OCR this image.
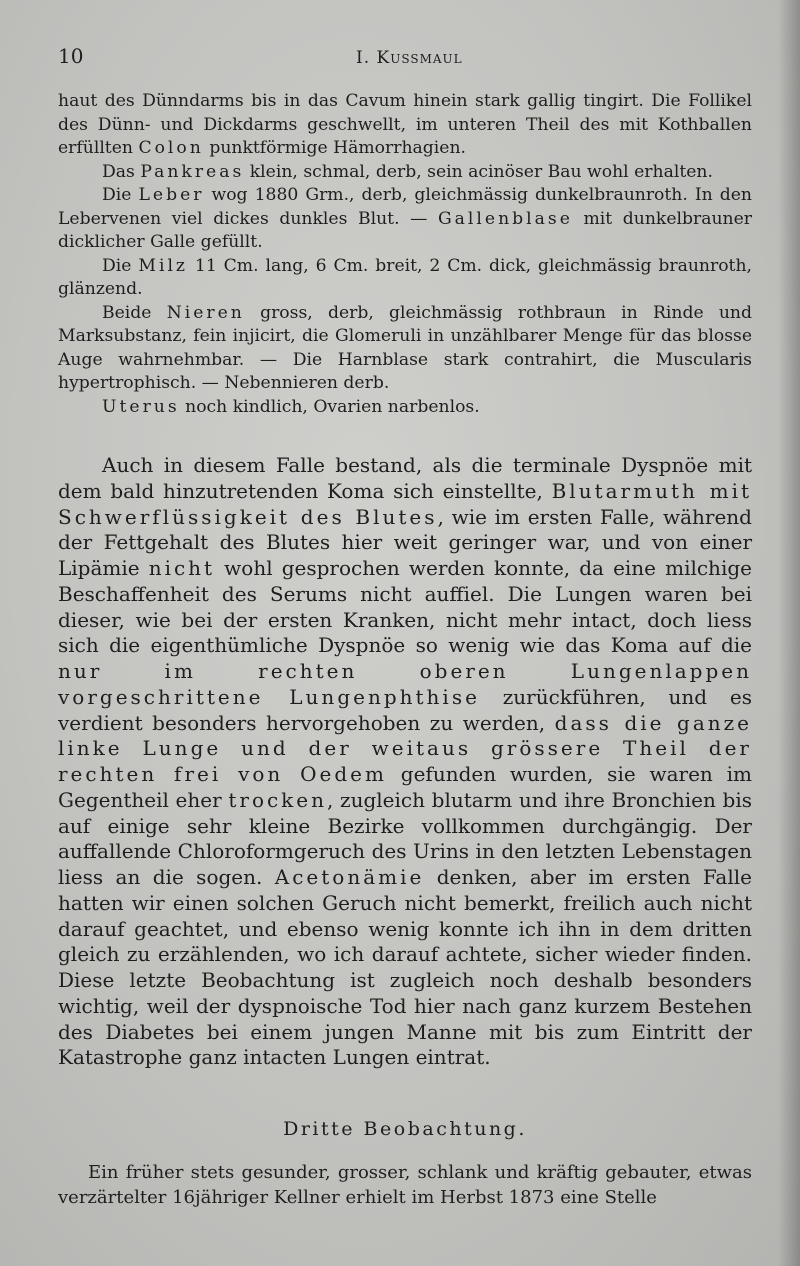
10	I. Kussmaul

haut des Dünndarms bis in das Cavum hinein stark gallig tingirt. Die Follikel des Dünn- und Dickdarms geschwellt, im unteren Theil des mit Kothballen erfüllten Colon punktförmige Hämorrhagien.

Das Pankreas klein, schmal, derb, sein acinöser Bau wohl erhalten.

Die Leber wog 1880 Grm., derb, gleichmässig dunkelbraunroth. In den Lebervenen viel dickes dunkles Blut. — Gallenblase mit dunkelbrauner dicklicher Galle gefüllt.

Die Milz 11 Cm. lang, 6 Cm. breit, 2 Cm. dick, gleichmässig braunroth, glänzend.

Beide Nieren gross, derb, gleichmässig rothbraun in Rinde und Marksubstanz, fein injicirt, die Glomeruli in unzählbarer Menge für das blosse Auge wahrnehmbar. — Die Harnblase stark contrahirt, die Muscularis hypertrophisch. — Nebennieren derb.

Uterus noch kindlich, Ovarien narbenlos.

Auch in diesem Falle bestand, als die terminale Dyspnöe mit dem bald hinzutretenden Koma sich einstellte, Blutarmuth mit Schwerflüssigkeit des Blutes, wie im ersten Falle, während der Fettgehalt des Blutes hier weit geringer war, und von einer Lipämie nicht wohl gesprochen werden konnte, da eine milchige Beschaffenheit des Serums nicht auffiel. Die Lungen waren bei dieser, wie bei der ersten Kranken, nicht mehr intact, doch liess sich die eigenthümliche Dyspnöe so wenig wie das Koma auf die nur im rechten oberen Lungenlappen vorgeschrittene Lungenphthise zurückführen, und es verdient besonders hervorgehoben zu werden, dass die ganze linke Lunge und der weitaus grössere Theil der rechten frei von Oedem gefunden wurden, sie waren im Gegentheil eher trocken, zugleich blutarm und ihre Bronchien bis auf einige sehr kleine Bezirke vollkommen durchgängig. Der auffallende Chloroformgeruch des Urins in den letzten Lebenstagen liess an die sogen. Acetonämie denken, aber im ersten Falle hatten wir einen solchen Geruch nicht bemerkt, freilich auch nicht darauf geachtet, und ebenso wenig konnte ich ihn in dem dritten gleich zu erzählenden, wo ich darauf achtete, sicher wieder finden. Diese letzte Beobachtung ist zugleich noch deshalb besonders wichtig, weil der dyspnoische Tod hier nach ganz kurzem Bestehen des Diabetes bei einem jungen Manne mit bis zum Eintritt der Katastrophe ganz intacten Lungen eintrat.

Dritte Beobachtung.

Ein früher stets gesunder, grosser, schlank und kräftig gebauter, etwas verzärtelter 16jähriger Kellner erhielt im Herbst 1873 eine Stelle
